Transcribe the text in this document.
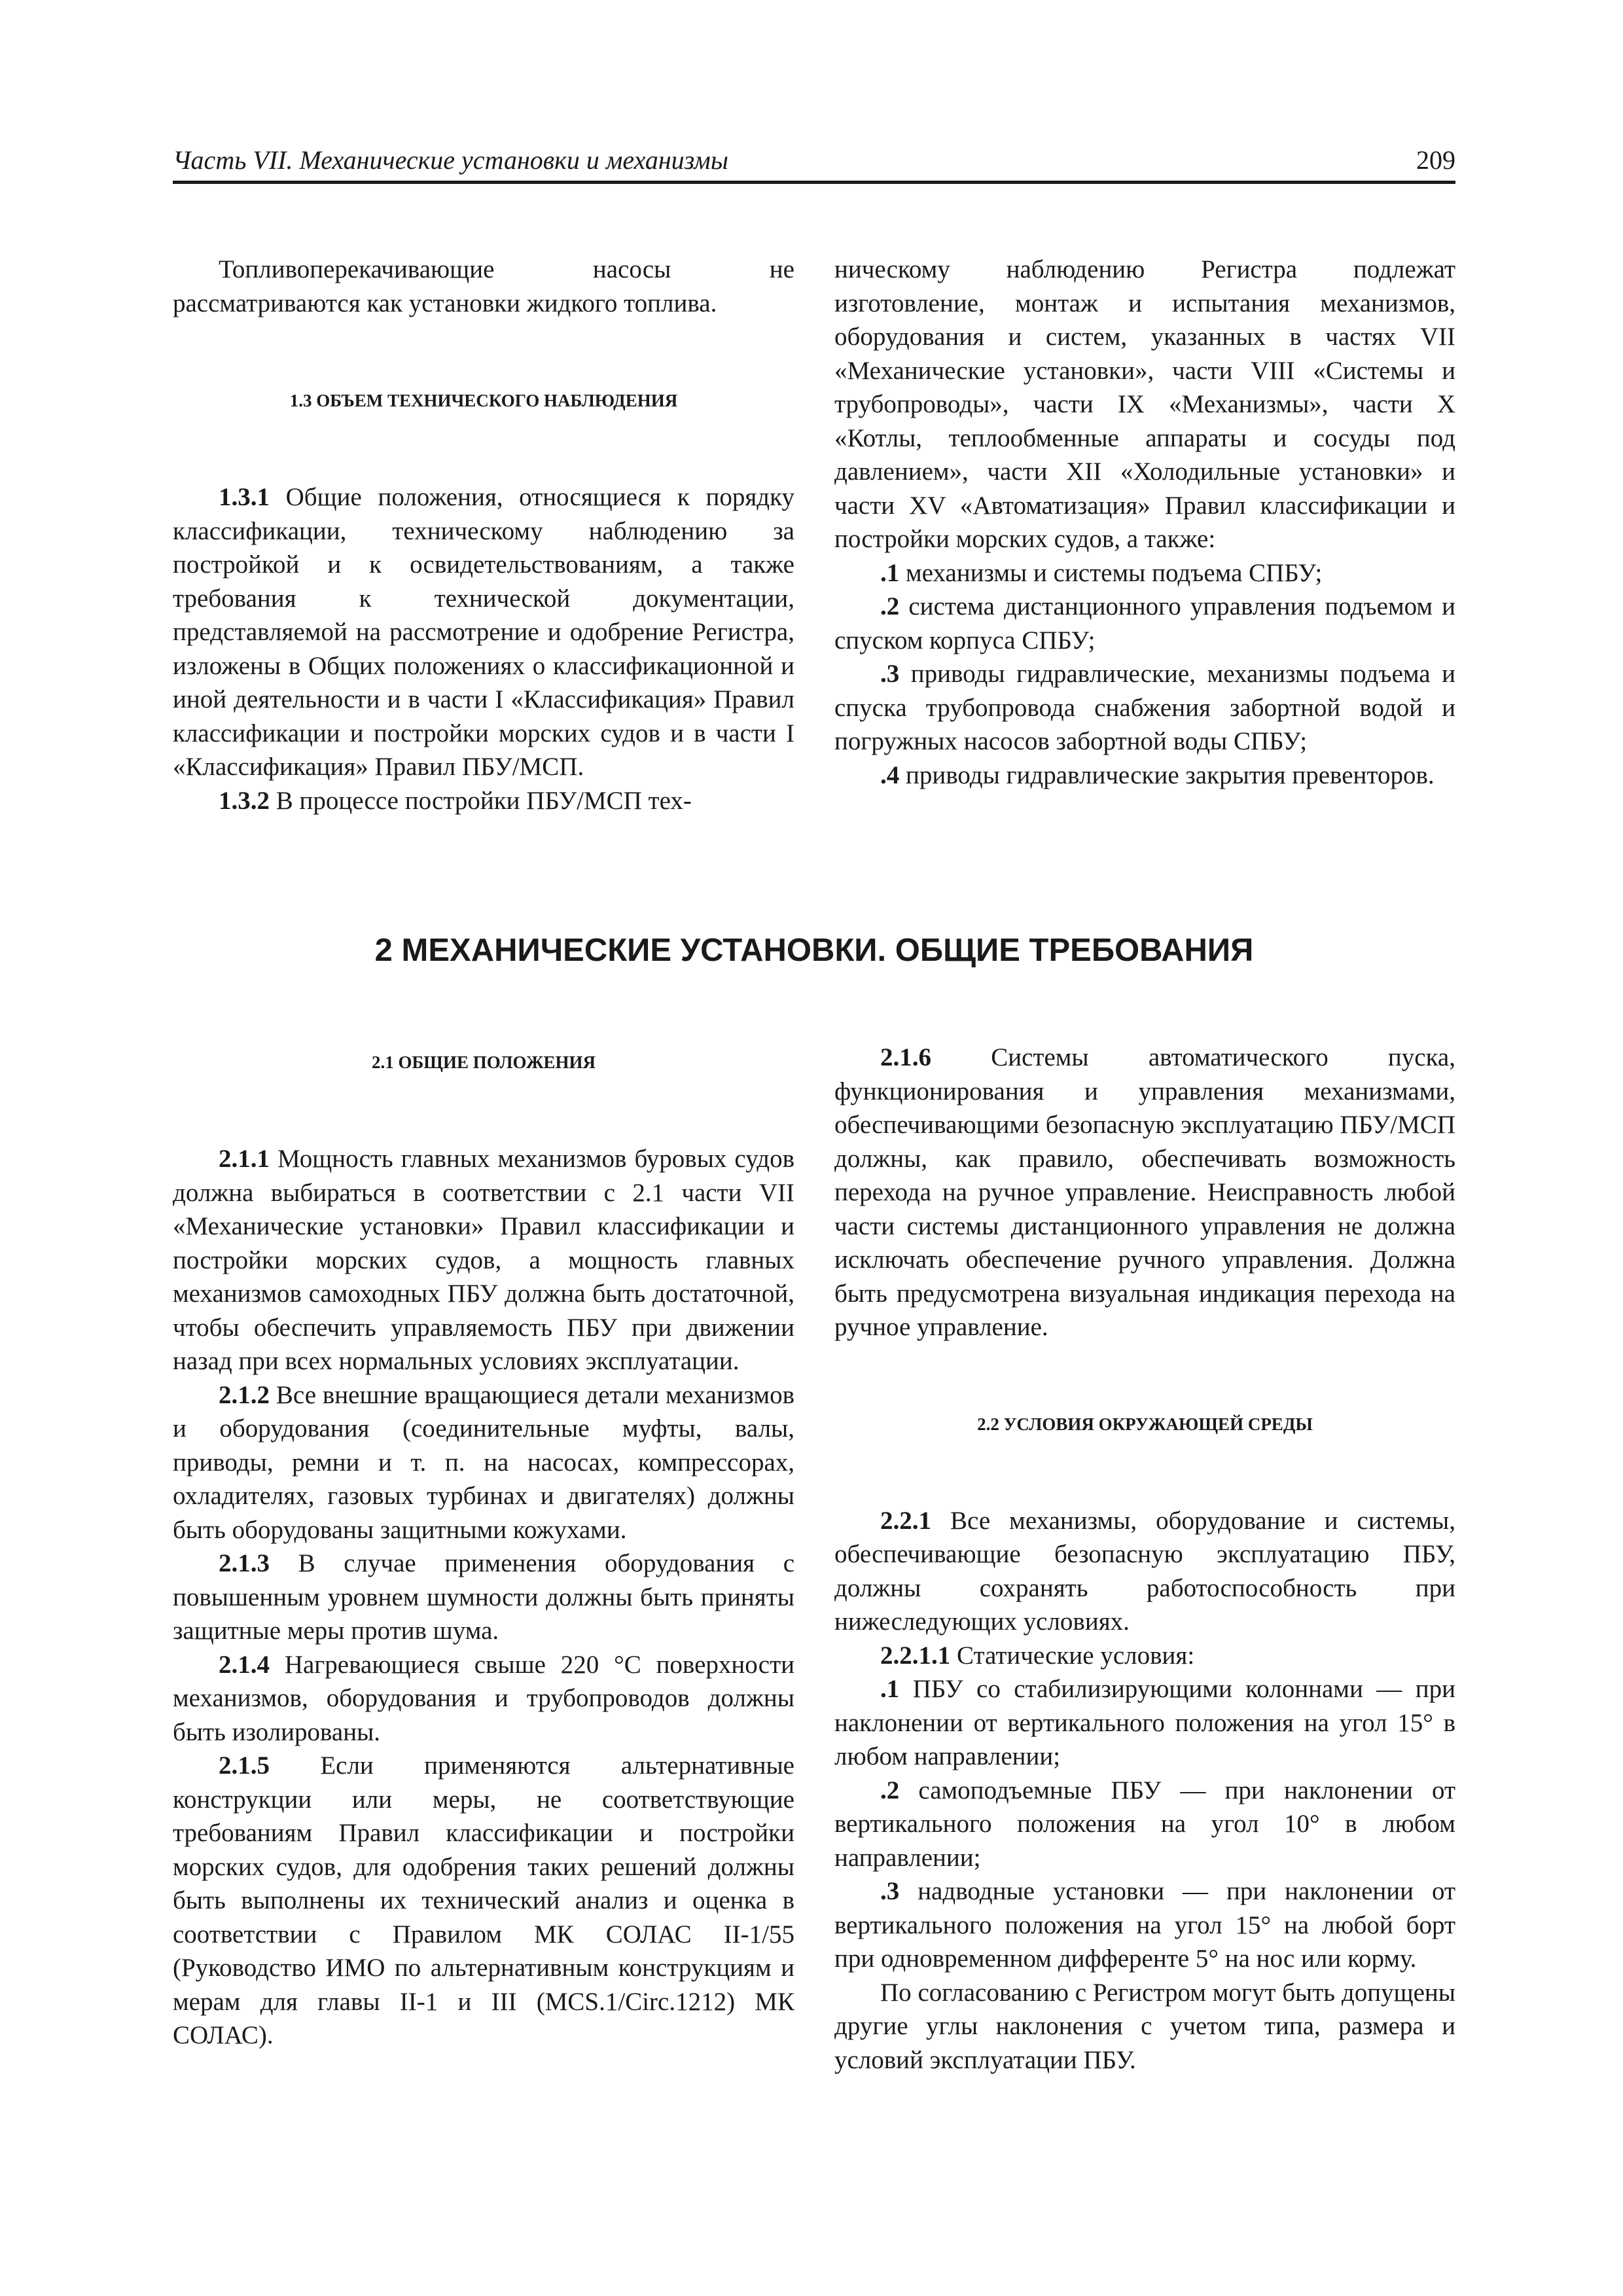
Часть VII. Механические установки и механизмы	209

Топливоперекачивающие насосы не рассматриваются как установки жидкого топлива.

1.3 ОБЪЕМ ТЕХНИЧЕСКОГО НАБЛЮДЕНИЯ

1.3.1 Общие положения, относящиеся к порядку классификации, техническому наблюдению за постройкой и к освидетельствованиям, а также требования к технической документации, представляемой на рассмотрение и одобрение Регистра, изложены в Общих положениях о классификационной и иной деятельности и в части I «Классификация» Правил классификации и постройки морских судов и в части I «Классификация» Правил ПБУ/МСП.

1.3.2 В процессе постройки ПБУ/МСП тех-

ническому наблюдению Регистра подлежат изготовление, монтаж и испытания механизмов, оборудования и систем, указанных в частях VII «Механические установки», части VIII «Системы и трубопроводы», части IX «Механизмы», части X «Котлы, теплообменные аппараты и сосуды под давлением», части XII «Холодильные установки» и части XV «Автоматизация» Правил классификации и постройки морских судов, а также:

.1 механизмы и системы подъема СПБУ;

.2 система дистанционного управления подъемом и спуском корпуса СПБУ;

.3 приводы гидравлические, механизмы подъема и спуска трубопровода снабжения забортной водой и погружных насосов забортной воды СПБУ;

.4 приводы гидравлические закрытия превенторов.

2 МЕХАНИЧЕСКИЕ УСТАНОВКИ. ОБЩИЕ ТРЕБОВАНИЯ
2.1 ОБЩИЕ ПОЛОЖЕНИЯ

2.1.1 Мощность главных механизмов буровых судов должна выбираться в соответствии с 2.1 части VII «Механические установки» Правил классификации и постройки морских судов, а мощность главных механизмов самоходных ПБУ должна быть достаточной, чтобы обеспечить управляемость ПБУ при движении назад при всех нормальных условиях эксплуатации.

2.1.2 Все внешние вращающиеся детали механизмов и оборудования (соединительные муфты, валы, приводы, ремни и т. п. на насосах, компрессорах, охладителях, газовых турбинах и двигателях) должны быть оборудованы защитными кожухами.

2.1.3 В случае применения оборудования с повышенным уровнем шумности должны быть приняты защитные меры против шума.

2.1.4 Нагревающиеся свыше 220 °С поверхности механизмов, оборудования и трубопроводов должны быть изолированы.

2.1.5 Если применяются альтернативные конструкции или меры, не соответствующие требованиям Правил классификации и постройки морских судов, для одобрения таких решений должны быть выполнены их технический анализ и оценка в соответствии с Правилом МК СОЛАС II-1/55 (Руководство ИМО по альтернативным конструкциям и мерам для главы II-1 и III (MCS.1/Circ.1212) МК СОЛАС).

2.1.6 Системы автоматического пуска, функционирования и управления механизмами, обеспечивающими безопасную эксплуатацию ПБУ/МСП должны, как правило, обеспечивать возможность перехода на ручное управление. Неисправность любой части системы дистанционного управления не должна исключать обеспечение ручного управления. Должна быть предусмотрена визуальная индикация перехода на ручное управление.

2.2 УСЛОВИЯ ОКРУЖАЮЩЕЙ СРЕДЫ

2.2.1 Все механизмы, оборудование и системы, обеспечивающие безопасную эксплуатацию ПБУ, должны сохранять работоспособность при нижеследующих условиях.

2.2.1.1 Статические условия:

.1 ПБУ со стабилизирующими колоннами — при наклонении от вертикального положения на угол 15° в любом направлении;

.2 самоподъемные ПБУ — при наклонении от вертикального положения на угол 10° в любом направлении;

.3 надводные установки — при наклонении от вертикального положения на угол 15° на любой борт при одновременном дифференте 5° на нос или корму.

По согласованию с Регистром могут быть допущены другие углы наклонения с учетом типа, размера и условий эксплуатации ПБУ.
